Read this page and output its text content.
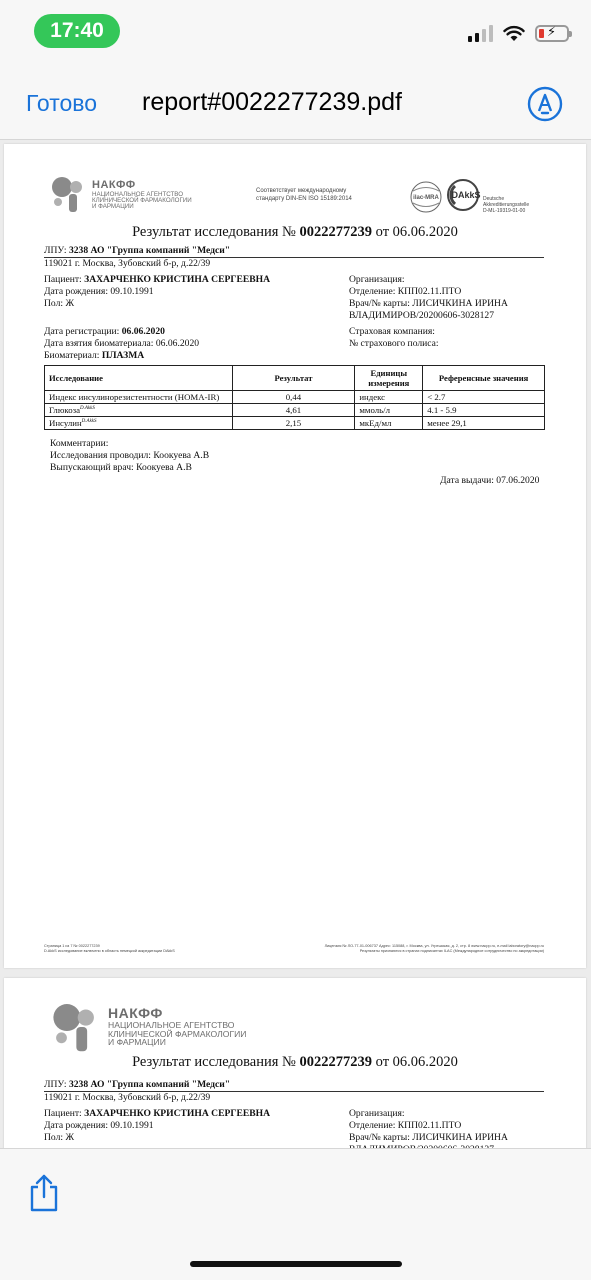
17:40	⚡
Готово report#0022277239.pdf
НАКФФ
НАЦИОНАЛЬНОЕ АГЕНТСТВО
КЛИНИЧЕСКОЙ ФАРМАКОЛОГИИ
И ФАРМАЦИИ
Соответствует международному
стандарту DIN-EN ISO 15189:2014	ilac-MRA DAkkS Deutsche
Akkreditierungsstelle
D-ML-19319-01-00
Результат исследования № 0022277239 от 06.06.2020
ЛПУ: 3238 АО "Группа компаний "Медси"
119021 г. Москва, Зубовский б-р, д.22/39
Пациент: ЗАХАРЧЕНКО КРИСТИНА СЕРГЕЕВНА
Дата рождения: 09.10.1991
Пол: Ж
Организация:
Отделение: КПП02.11.ПТО
Врач/№ карты: ЛИСИЧКИНА ИРИНА
ВЛАДИМИРОВ/20200606-3028127
Дата регистрации: 06.06.2020
Дата взятия биоматериала: 06.06.2020
Биоматериал: ПЛАЗМА
Страховая компания:
№ страхового полиса:
Исследование	Результат	Единицы измерения	Референсные значения
Индекс инсулинорезистентности (HOMA-IR)	0,44	индекс	< 2.7
Глюкоза$^{D.AkkS}$	4,61	ммоль/л	4.1 - 5.9
Инсулин$^{D.AkkS}$	2,15	мкЕд/мл	менее 29,1
Комментарии:
Исследования проводил: Коокуева А.В
Выпускающий врач: Коокуева А.В
Дата выдачи: 07.06.2020
Страница 1 из 7 № 0022277239	Лицензия № ЛО-77-01-006737 Адрес: 115088, г. Москва, ул. Угрешская, д. 2, стр. 8 www.nacpp.ru, e-mail laboratory@nacpp.ru
D.AkkS исследование включено в область немецкой аккредитации DAkkS	Результаты признаются в странах подписантах ILAC (Международное сотрудничество по аккредитации)
НАКФФ
НАЦИОНАЛЬНОЕ АГЕНТСТВО
КЛИНИЧЕСКОЙ ФАРМАКОЛОГИИ
И ФАРМАЦИИ
Результат исследования № 0022277239 от 06.06.2020
ЛПУ: 3238 АО "Группа компаний "Медси"
119021 г. Москва, Зубовский б-р, д.22/39
Пациент: ЗАХАРЧЕНКО КРИСТИНА СЕРГЕЕВНА
Дата рождения: 09.10.1991
Пол: Ж
Организация:
Отделение: КПП02.11.ПТО
Врач/№ карты: ЛИСИЧКИНА ИРИНА
